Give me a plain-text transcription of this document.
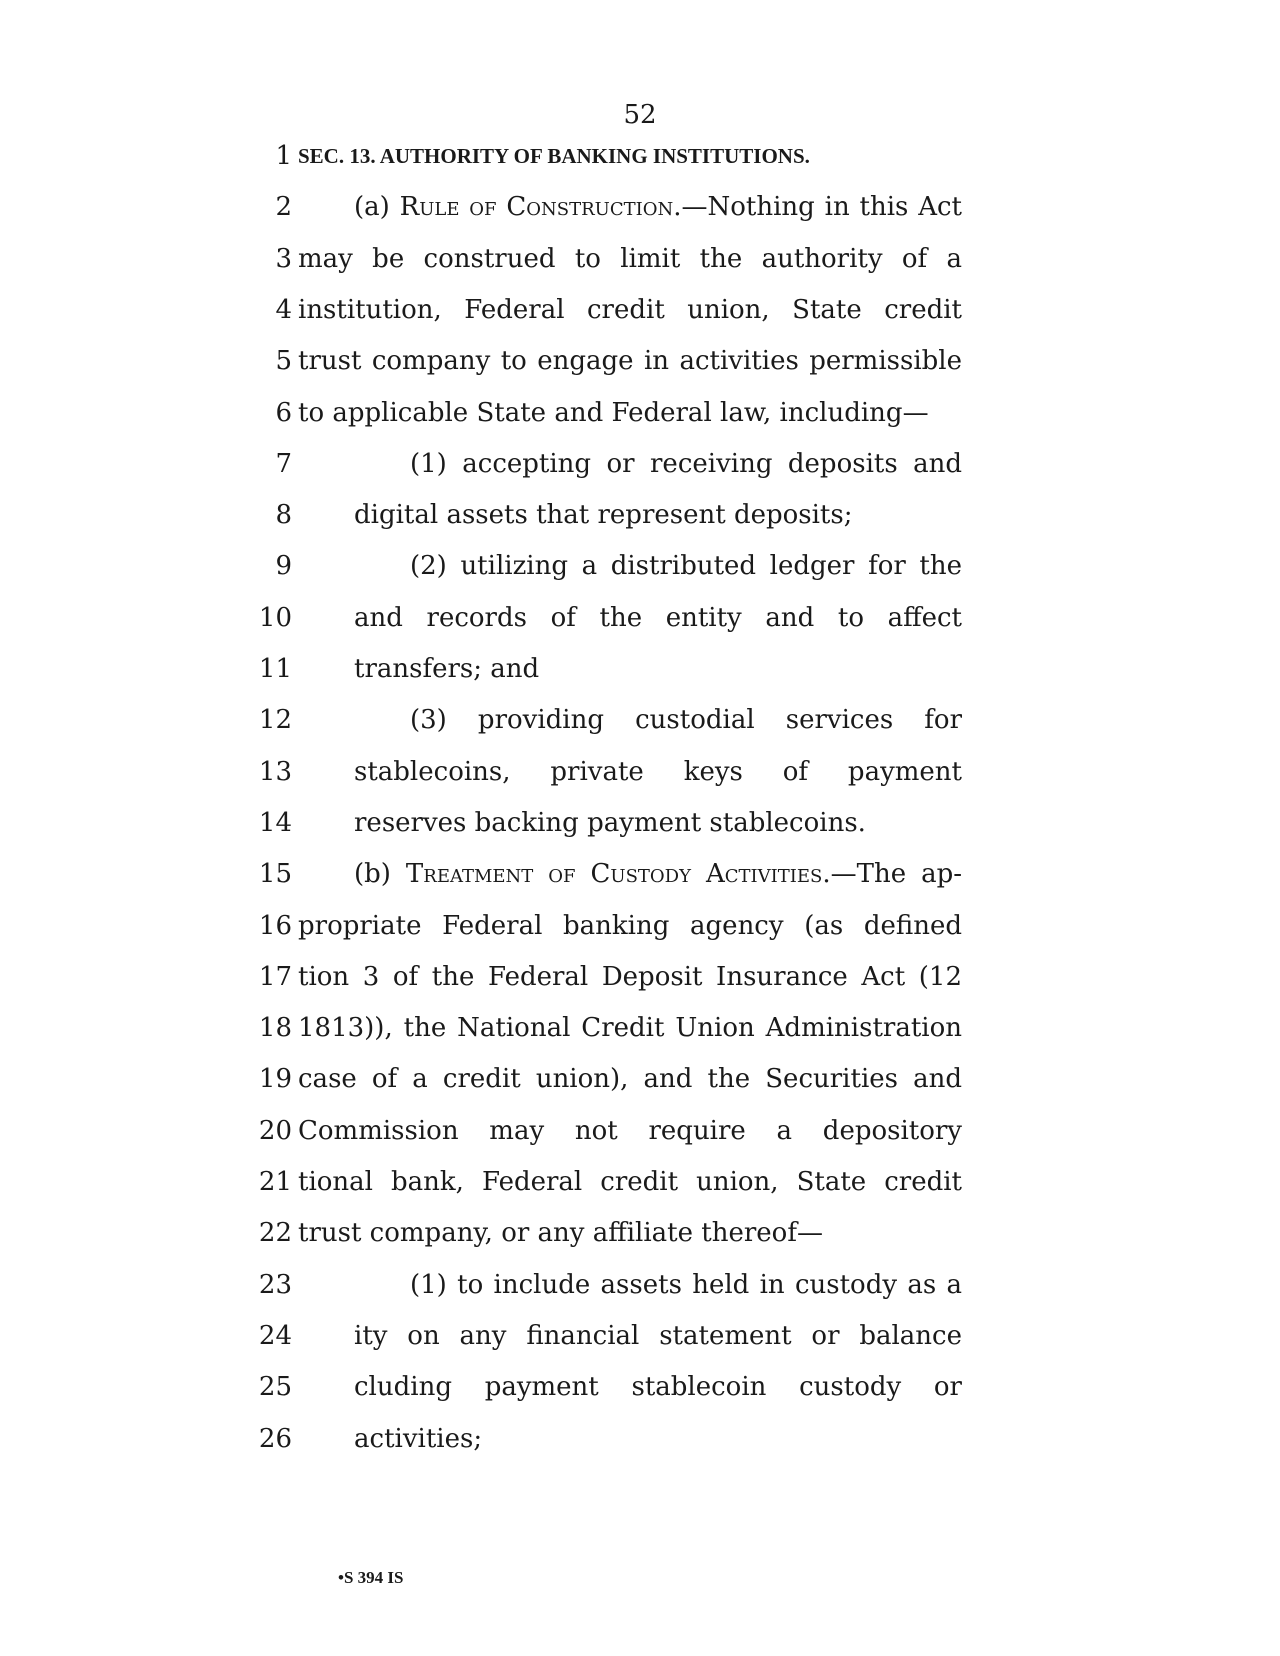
52
1 SEC. 13. AUTHORITY OF BANKING INSTITUTIONS.
2 (a) Rule of Construction.—Nothing in this Act
3 may be construed to limit the authority of a
4 institution, Federal credit union, State credit
5 trust company to engage in activities permissible
6 to applicable State and Federal law, including—
7	(1) accepting or receiving deposits and
8 digital assets that represent deposits;
9	(2) utilizing a distributed ledger for the
10 and records of the entity and to affect
11 transfers; and
12	(3) providing custodial services for
13 stablecoins, private keys of payment
14 reserves backing payment stablecoins.
15 (b) Treatment of Custody Activities.—The ap-
16 propriate Federal banking agency (as defined
17 tion 3 of the Federal Deposit Insurance Act (12
18 1813)), the National Credit Union Administration
19 case of a credit union), and the Securities and
20 Commission may not require a depository
21 tional bank, Federal credit union, State credit
22 trust company, or any affiliate thereof—
23	(1) to include assets held in custody as a
24 ity on any financial statement or balance
25 cluding payment stablecoin custody or
26 activities;
•S 394 IS
